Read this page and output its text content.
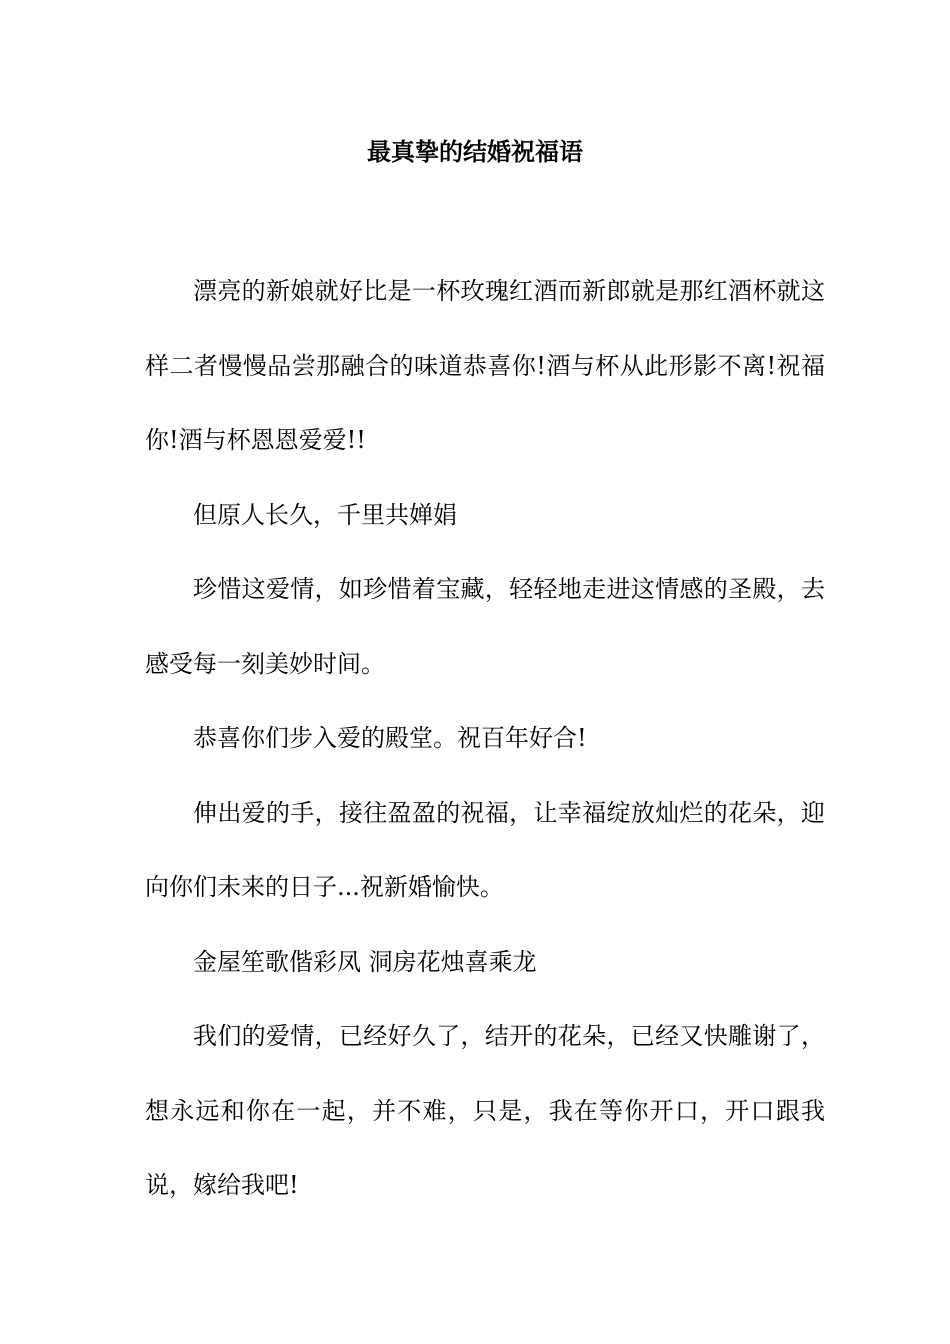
最真挚的结婚祝福语

漂亮的新娘就好比是一杯玫瑰红酒而新郎就是那红酒杯就这样二者慢慢品尝那融合的味道恭喜你!酒与杯从此形影不离!祝福你!酒与杯恩恩爱爱!!

但原人长久，千里共婵娟

珍惜这爱情，如珍惜着宝藏，轻轻地走进这情感的圣殿，去感受每一刻美妙时间。

恭喜你们步入爱的殿堂。祝百年好合!

伸出爱的手，接往盈盈的祝福，让幸福绽放灿烂的花朵，迎向你们未来的日子...祝新婚愉快。

金屋笙歌偕彩凤 洞房花烛喜乘龙

我们的爱情，已经好久了，结开的花朵，已经又快雕谢了，想永远和你在一起，并不难，只是，我在等你开口，开口跟我说，嫁给我吧!
